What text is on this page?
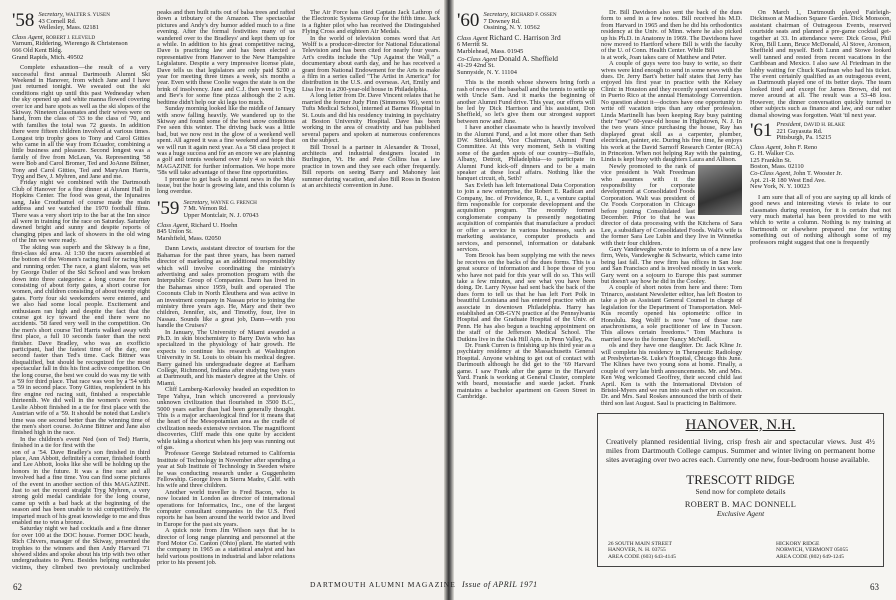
'58 Secretary, WALTER S. YUSEN
43 Cornell Rd.
Wellesley, Mass. 02181
Class Agent, ROBERT J. ELEVELD
Varnum, Riddering, Wierengo & Christenson
666 Old Kent Bldg.
Grand Rapids, Mich. 49502

Complete exhaustion—the result of a very successful first annual Dartmouth Alumni Ski Weekend in Hanover, from which Jane and I have just returned tonight. We sweated out the ski conditions right up until this past Wednesday when the sky opened up and white manna flowed covering over ice and bare spots as well as the ski slopes of the Skiway. Nineteen classmates and their wives were on hand, from the class of '33 to the class of '70, and with families the total was 72 guests. In addition there were fifteen children involved at various times. Longest trip trophy goes to Tony and Carol Gitties who came in all the way from Ecuador, combining a little business and pleasure. Second longest was a family of five from McLean, Va. Representing '58 were Bob and Carol Bromer, Ted and JoAnne Bittner, Tony and Carol Gitties, Ted and MaryAnn Harris, Tryg and Bev, J. Myhren, and Jane and me.

Friday night we combined with the Dartmouth Club of Hanover for a fine dinner at Alumni Hall in Hopkins Center. The food was great, the Injunaires sang, Jake Crouthamel of course made the main address and we watched the 1970 football films. There was a very short trip to the bar at the Inn since all were in training for the race on Saturday. Saturday dawned bright and sunny and despite reports of changing pipes and lack of showers in the old wing of the Inn we were ready.

The skiing was superb and the Skiway is a fine, first-class ski area. At 1:30 the racers assembled at the bottom of the Women's racing trail for racing bibs and running order. The race, a giant slalom, was set by George Ostler of the Ski School and was broken down into three categories: a long course for men consisting of about forty gates, a short course for women, and children consisting of about twenty eight gates. Forty four ski weekenders were entered, and we also had some local people. Excitement and enthusiasm ran high and despite the fact that the course got icy toward the end there were no accidents. '58 fared very well in the competition. On the men's short course Ted Harris walked away with first place, a full 10 seconds faster than the next finisher. Dave Bradley, who was an exofficio participant, had the fastest time of the day, one second faster than Ted's time. Cack Bittner was disqualified, but should be recognized for the most spectacular fall in this his first active competition. On the long course, the best we could do was my tie with a '59 for third place. That race was won by a '54 with a '59 in second place. Tony Gitties, resplendent in his fire engine red racing suit, finished a respectable thirteenth. We did well in the women's event too. Leslie Abbott finished in a tie for first place with the Austrian wife of a '59. It should be noted that Leslie's time was one second better than the winning time of the men's short course. JoAnne Bittner and Jane also finished high in the race.

In the children's event Ned (son of Ted) Harris, finished in a tie for first with the

son of a '54. Dave Bradley's son finished in third place, Ann Abbott, definitely a comer, finished fourth and Lee Abbott, looks like she will be holding up the honors in the future. It was a fine race and all involved had a fine time. You can find some pictures of the event in another section of this MAGAZINE. Just to set the record straight Tryg Myhren, a very strong gold medal candidate for the long course, came up with a bad back at the beginning of the season and has been unable to ski competitively. He imparted much of his great knowledge to me and thus enabled me to win a bronze.

Saturday night we had cocktails and a fine dinner for over 100 at the DOC house. Former DOC heads, Rich Chivers, manager of the Skiway, presented the trophies to the winners and then Andy Harvard '71 showed slides and spoke about his trip with two other undergraduates to Peru. Besides helping earthquake victims, they climbed two previously unclimbed peaks and then built rafts out of balsa trees and rafted down a tributary of the Amazon. The spectacular pictures and Andy's dry humor added much to a fine evening. After the formal festivities many of us wandered over to the Bradleys' and kept them up for a while. In addition to his great competitive racing, Dave is practicing law and has been elected a representative from Hanover to the New Hampshire Legislature. Despite a very impressive license plate, Dave tells us that legislators are only paid $200 a year for meeting three times a week, six months a year. Even with these Coolie wages the state is on the brink of insolvency. Jane and C.J. then went to Tryg and Bev's for some fine pizza although the 2 a.m. bedtime didn't help our ski legs too much.

Sunday morning looked like the middle of January with snow falling heavily. We wandered up to the Skiway and found some of the best snow conditions I've seen this winter. The driving back was a little bad, but we now rest in the glow of a weekend well spent. All agreed it was a fine weekend and hope that we will run it again next year. As a '58 class project it was a huge success and for an encore we are planning a golf and tennis weekend over July 4 so watch this MAGAZINE for further information. We hope more '58s will take advantage of these fine opportunities.

I promise to get back to alumni news in the May issue, but the hour is growing late, and this column is long overdue.

'59 Secretary, WAYNE G. FRENCH
7 Mt. Vernon Rd.
Upper Montclair, N. J. 07043
Class Agent, Richard U. Hoehn
845 Union St.
Marshfield, Mass. 02050

Dann Lewis, assistant director of tourism for the Bahamas for the past three years, has been named director of marketing as an additional responsibility which will involve coordinating the ministry's advertising and sales promotion program with the Interpublic Group of Companies. Dann has lived in the Bahamas since 1959, built and operated The Coconuts Club in North Eleuthera and was active in an investment company in Nassau prior to joining the ministry three years ago. He, Mary and their two children, Jennifer, six, and Timothy, four, live in Nassau. Sounds like a great job, Dann—with you handle the Cruises?

In January, The University of Miami awarded a Ph.D. in skin biochemistry to Barry Davis who has specialized in the physiology of hair growth. He expects to continue his research at Washington University in St. Louis to obtain his medical degree. Barry gained his undergraduate degree at Earlham College, Richmond, Indiana after studying two years at Dartmouth, and his master's degree at the Univ. of Miami.

Cliff Lamberg-Karlovsky headed an expedition to Tepe Yahya, Iran which uncovered a previously unknown civilization that flourished in 3500 B.C., 5000 years earlier than had been generally thought. This is a major archaeological find for it means that the heart of the Mesopotamian area as the cradle of civilization needs extensive revision. The magnificent discoveries, Cliff made this one quite by accident while taking a shortcut when his jeep was running out of gas.

Professor George Stelstead returned to California Institute of Technology in November after spending a year at Sub Institute of Technology in Sweden where he was conducting research under a Guggenheim Fellowship. George lives in Sierra Madre, Calif. with his wife and three children.

Another world traveller is Fred Bacon, who is now located in London as director of international operations for Informatics, Inc., one of the largest computer consultant companies in the U.S. Fred reports he has been around the world twice and lived in Europe for the past six years.

A quick note from Jim Wilson says that he is director of long range planning and personnel at the Ford Motor Co. Canton (Ohio) plant. He started with the company in 1965 as a statistical analyst and has held various positions in industrial and labor relations prior to his present job.

The Air Force has cited Captain Jack Lathrop of the Electronic Systems Group for the fifth time. Jack is a fighter pilot who has received the Distinguished Flying Cross and eighteen Air Medals.

In the world of television comes word that Art Wolff is a producer-director for National Educational Television and has been cited for nearly four years. Art's credits include the "Up Against the Wall," a documentary about earth day, and he has received a grant from National Endowment for the Arts to make a film in a series called "The Artist in America" for distribution in the U.S. and overseas. Art, Emily and Lisa live in a 200-year-old house in Philadelphia.

A long letter from Dr. Dave Vincent relates that he married the former Judy Finn (Simmons '66), went to Tufts Medical School, interned at Barnes Hospital in St. Louis and did his residency training in psychiatry at Boston University Hospital. Dave has been working in the area of creativity and has published several papers and spoken at numerous conferences on the subject.

Bill Troxel is a partner in Alexander & Troxel, architects and industrial designers located in Burlington, Vt. He and Pete Collins has a law practice in town and they see each other frequently. Bill reports on seeing Barry and Mahoney last summer during vacation, and also Bill Ross in Boston at an architects' convention in June.

62	DARTMOUTH ALUMNI MAGAZINE
'60 Secretary, RICHARD F. OSSEN
7 Downey Rd.
Ossining, N. Y. 10562
Class Agent Richard C. Harrison 3rd
6 Merritt St.
Marblehead, Mass. 01945
Co-Class Agent Donald A. Sheffield
41-29 42nd St.
Sunnyside, N. Y. 11104

This is the month whose showers bring forth a rash of news of the baseball and the tennis to settle up with Uncle Sam. And it marks the beginning of another Alumni Fund drive. This year, our efforts will be led by Dick Harrison and his assistant, Don Sheffield, so let's give them our strongest support between now and June.

I have another classmate who is heavily involved in the Alumni Fund, and a lot more other than Seth DW. Strickland, Vice Chairman, Alumni Fund Committee. At this very moment, Seth is visiting some of the garden spots of our country—Buffalo, Albany, Detroit, Philadelphia—to participate in Alumni Fund kick-off dinners and to be a main speaker at these local affairs. Nothing like the banquet circuit, eh, Seth?

Sax Evleth has left International Data Corporation to join a new enterprise, the Robert E. Radican and Company, Inc. of Providence, R. I., a venture capital firm responsible for corporate development and the acquisition program. The recently formed conglomerate company is presently negotiating acquisition of companies that manufacture a product or offer a service in various businesses, such as marketing assistance, computer products and services, and personnel, information or databank services.

Tom Brook has been supplying me with the news he receives on the backs of the dues forms. This is a great source of information and I hope those of you who have not paid for this year will do so. This will take a few minutes, and see what you have been doing. Dr. Larry Nysse had sent back the back of the dues form to tell us that he has left Fort Polk in beautiful Louisiana and has entered practice with an associate in downtown Philadelphia. Harry has established an OB-GYN practice at the Pennsylvania Hospital and the Graduate Hospital of the Univ. of Penn. He has also begun a teaching appointment on the staff of the Jefferson Medical School. The Dutkins live in the Oak Hill Apts. in Penn Valley, Pa.

Dr. Frank Curren is finishing up his third year as a psychiatry residency at the Massachusetts General Hospital. Anyone wishing to get out of contact with Dartmouth although he did get to the '69 Harvard game. I saw Frank after the game in the Harvard Yard. Frank is working at General Cluster, complete with beard, moustache and suede jacket. Frank maintains a bachelor apartment on Green Street in Cambridge.

Dr. Bill Davidson also sent the back of the dues form to send in a few notes. Bill received his M.D. from Harvard in 1965 and then he did his orthodontics residency at the Univ. of Minn. where he also picked up his Ph.D. in Anatomy in 1969. The Davidsons have now moved to Hartford where Bill is with the faculty of the U. of Conn. Health Center. While Bill

is at work, Joan takes care of Matthew and Peter.

A couple of guys were too busy to write, so their wives were kind enough to send in some news with the dues. Dr. Jerry Bart's better half states that Jerry has enjoyed his first year in practice with the Kelsey Clinic in Houston and they recently spent several days in Puerto Rico at the annual Hematology Convention. No question about it—doctors have one opportunity to write off vacation trips than any other profession. Linda Martinelli has been keeping Ray busy painting their "new" 60-year-old house in Highstown, N. J. In the two years since purchasing the house, Ray has displayed great skill as a carpenter, plumber, electrician, painter, etc. During his free time, he enjoys his work at the David Sarnoff Research Center (RCA) in Princeton. When not helping Ray with the painting, Linda is kept busy with daughters Laura and Allison.

Newly promoted to the rank of vice president is Walt Freedman who assumes with it the responsibility for corporate development at Consolidated Foods Corporation. Walt was president of Oz Foods Corporation in Chicago before joining Consolidated last December. Prior to that he was director of data processing with the Kitchens of Sara Lee, a subsidiary of Consolidated Foods. Walt's wife is the former Sara Lee Lubin and they live in Winnetka with their four children.

Gary Vandeweghe wrote to inform us of a new law firm, Weis, Vandeweghe & Schwartz, which came into being last fall. The new firm has offices in San Jose and San Francisco and is involved mostly in tax work. Gary went on a sojourn to Europe this past summer but doesn't say how he did in the Cooley.

A couple of short notes from here and there: Tom Trinarco, assistant Newsletter editor, has left Boston to take a job as Assistant General Counsel in charge of legislation for the Department of Transportation. Mel- Kus recently opened his optometric office in Honolulu. Reg Wolff is now "one of those rare anachronisms, a sole practitioner of law in Tucson. This allows certain freedoms." Tom Machura is married now to the former Nancy McNeill.

ols and they have one daughter. Dr. Jack Kline Jr. will complete his residency in Therapeutic Radiology at Presbyterian-St. Luke's Hospital, Chicago this June. The Klines have two young sons at home. Finally, a couple of very late birth announcements. Mr. and Mrs. Ken Weg welcomed Geoffrey, their second child last April. Ken is with the International Division of Bristol-Myers and we run into each other on occasion. Dr. and Mrs. Saul Roskes announced the birth of their third son last August. Saul is practicing in Baltimore.

On March 1, Dartmouth played Fairleigh-Dickinson at Madison Square Garden. Dick Monsoon, assistant chairman of Outrageous Events, reserved courtside seats and planned a pre-game cocktail get-together at 33. In attendance were: Dick Gross, Phil Kron, Bill Lunn, Bruce McDonald, Al Stove, Aronson, Sheffield and myself. Both Lunn and Stowe looked well tanned and rested from recent vacations in the Caribbean and Mexico. I also saw Al Friedman in the lobby waiting for Chuck Kaufman who had his ticket. The event certainly qualified as an outrageous event, as Dartmouth played one of its better days. The team looked tired and except for James Brown, did not move around at all. The result was a 53-48 loss. However, the dinner conversation quickly turned to other subjects such as finance and law, and our rather dismal showing was forgotten. Wait 'til next year.

'61 President, DAVID H. BLAKE
221 Guyasuta Rd.
Pittsburgh, Pa. 15215
Class Agent, John F. Reno
G. H. Walker Co.
125 Franklin St.
Boston, Mass. 02110
Co-Class Agent, John T. Wooster Jr.
Apt. 21-R 180 West End Ave.
New York, N. Y. 10023

I am sure that all of you are saying up all kinds of good news and interesting views to relate to our classmates during reunion, for it is certain that not very much material has been provided to me with which to write a column. Nothing is my training at Dartmouth or elsewhere prepared me for writing something out of nothing although some of my professors might suggest that one is frequently

HANOVER, N.H.
Creatively planned residential living, crisp fresh air and spectacular views. Just 4½ miles from Dartmouth College campus. Summer and winter living on permanent home sites averaging over two acres each. Currently one new, four-bedroom house available.
TRESCOTT RIDGE
Send now for complete details
ROBERT B. MAC DONNELL
Exclusive Agent
26 SOUTH MAIN STREET
HANOVER, N. H. 03755
AREA CODE (603) 643-4145
HICKORY RIDGE
NORWICH, VERMONT 05055
AREA CODE (802) 649-1245
Issue of APRIL 1971	63
